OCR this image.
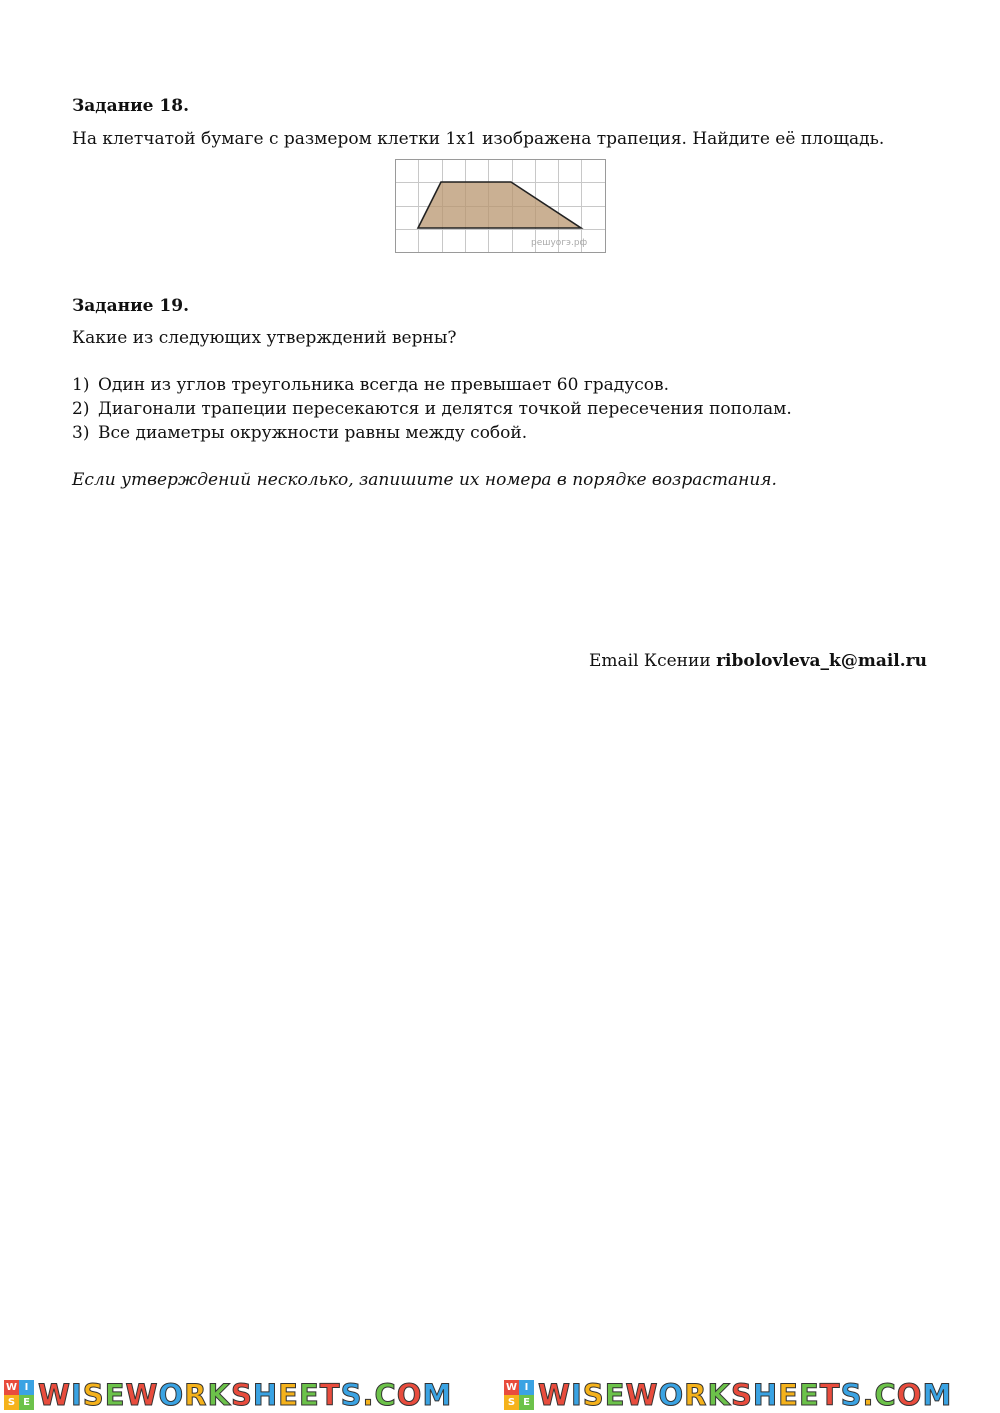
Задание 18.

На клетчатой бумаге с размером клетки 1x1 изображена трапеция. Найдите её площадь.

решуогэ.рф
Задание 19.

Какие из следующих утверждений верны?

1) Один из углов треугольника всегда не превышает 60 градусов.
2) Диагонали трапеции пересекаются и делятся точкой пересечения пополам.
3) Все диаметры окружности равны между собой.

Если утверждений несколько, запишите их номера в порядке возрастания.

Email Ксении ribolovleva_k@mail.ru
W I
S E WISEWORKSHEETS.COM	W I
S E WISEWORKSHEETS.COM
